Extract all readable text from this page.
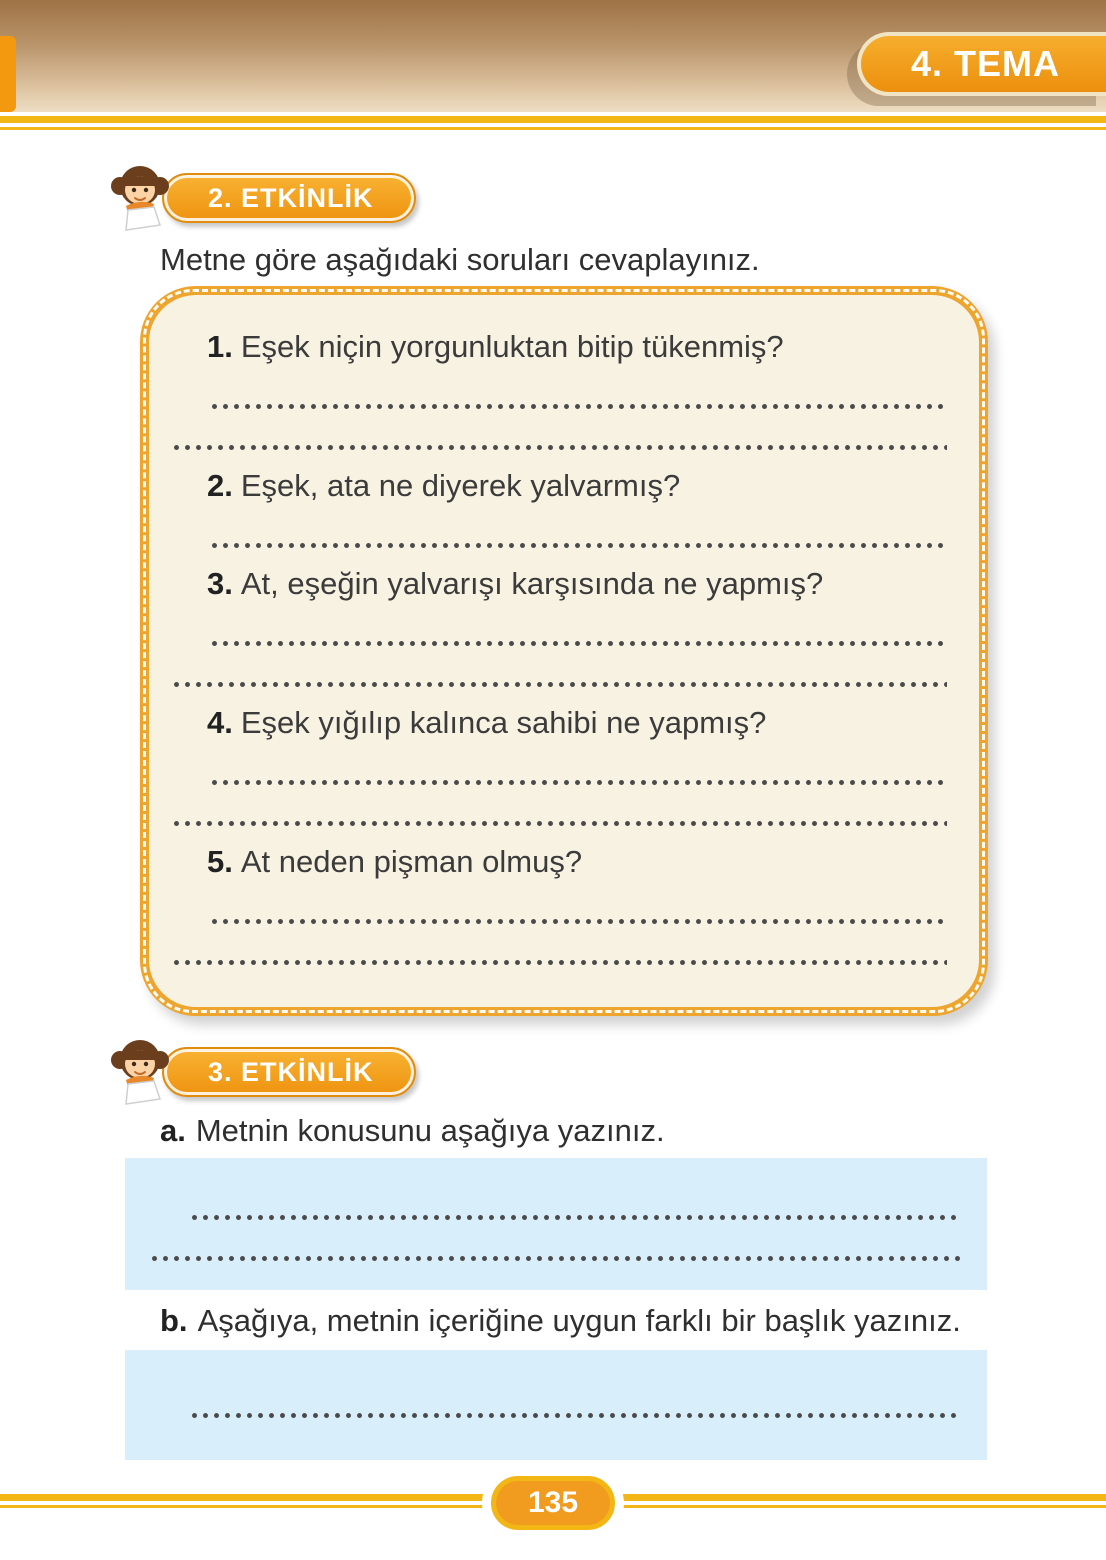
4. TEMA
2. ETKİNLİK

Metne göre aşağıdaki soruları cevaplayınız.

1. Eşek niçin yorgunluktan bitip tükenmiş?

2. Eşek, ata ne diyerek yalvarmış?

3. At, eşeğin yalvarışı karşısında ne yapmış?

4. Eşek yığılıp kalınca sahibi ne yapmış?

5. At neden pişman olmuş?

3. ETKİNLİK

a. Metnin konusunu aşağıya yazınız.

b. Aşağıya, metnin içeriğine uygun farklı bir başlık yazınız.

135
